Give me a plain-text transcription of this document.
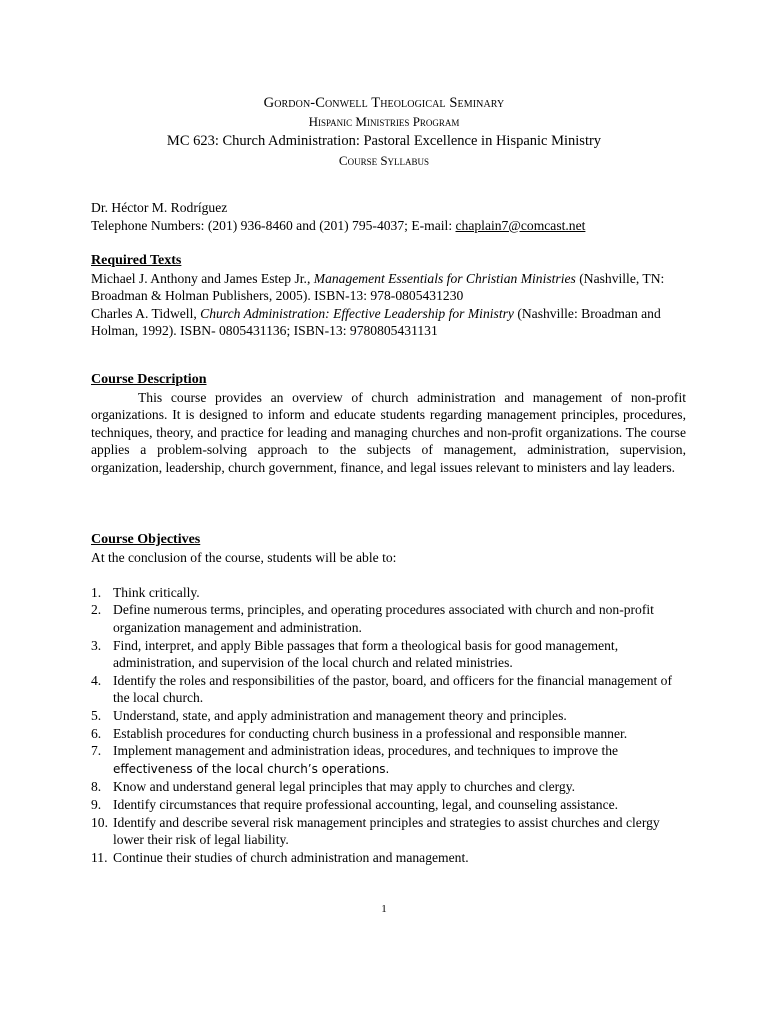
Gordon-Conwell Theological Seminary
Hispanic Ministries Program
MC 623: Church Administration: Pastoral Excellence in Hispanic Ministry
Course Syllabus
Dr. Héctor M. Rodríguez
Telephone Numbers: (201) 936-8460 and (201) 795-4037; E-mail: chaplain7@comcast.net
Required Texts
Michael J. Anthony and James Estep Jr., Management Essentials for Christian Ministries (Nashville, TN:
Broadman & Holman Publishers, 2005). ISBN-13: 978-0805431230
Charles A. Tidwell, Church Administration: Effective Leadership for Ministry (Nashville: Broadman and
Holman, 1992). ISBN- 0805431136; ISBN-13: 9780805431131
Course Description
This course provides an overview of church administration and management of non-profit organizations. It is designed to inform and educate students regarding management principles, procedures, techniques, theory, and practice for leading and managing churches and non-profit organizations. The course applies a problem-solving approach to the subjects of management, administration, supervision, organization, leadership, church government, finance, and legal issues relevant to ministers and lay leaders.
Course Objectives
At the conclusion of the course, students will be able to:
1. Think critically.
2. Define numerous terms, principles, and operating procedures associated with church and non-profit organization management and administration.
3. Find, interpret, and apply Bible passages that form a theological basis for good management, administration, and supervision of the local church and related ministries.
4. Identify the roles and responsibilities of the pastor, board, and officers for the financial management of the local church.
5. Understand, state, and apply administration and management theory and principles.
6. Establish procedures for conducting church business in a professional and responsible manner.
7. Implement management and administration ideas, procedures, and techniques to improve the
effectiveness of the local church’s operations.
8. Know and understand general legal principles that may apply to churches and clergy.
9. Identify circumstances that require professional accounting, legal, and counseling assistance.
10. Identify and describe several risk management principles and strategies to assist churches and clergy lower their risk of legal liability.
11. Continue their studies of church administration and management.
1
